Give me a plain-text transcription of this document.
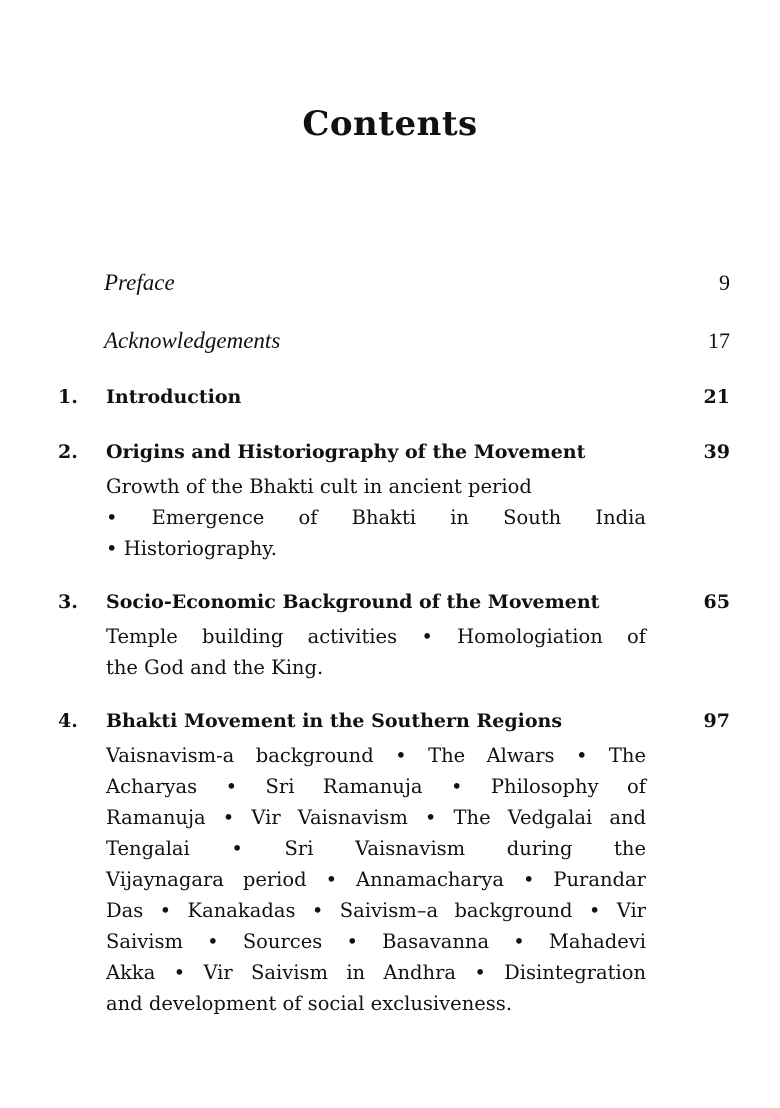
Contents
Preface	9
Acknowledgements	17
1. Introduction	21
2. Origins and Historiography of the Movement	39
Growth of the Bhakti cult in ancient period
• Emergence of Bhakti in South India
• Historiography.
3. Socio-Economic Background of the Movement	65
Temple building activities • Homologiation of
the God and the King.
4. Bhakti Movement in the Southern Regions	97
Vaisnavism-a background • The Alwars • The
Acharyas • Sri Ramanuja • Philosophy of
Ramanuja • Vir Vaisnavism • The Vedgalai and
Tengalai • Sri Vaisnavism during the
Vijaynagara period • Annamacharya • Purandar
Das • Kanakadas • Saivism–a background • Vir
Saivism • Sources • Basavanna • Mahadevi
Akka • Vir Saivism in Andhra • Disintegration
and development of social exclusiveness.
